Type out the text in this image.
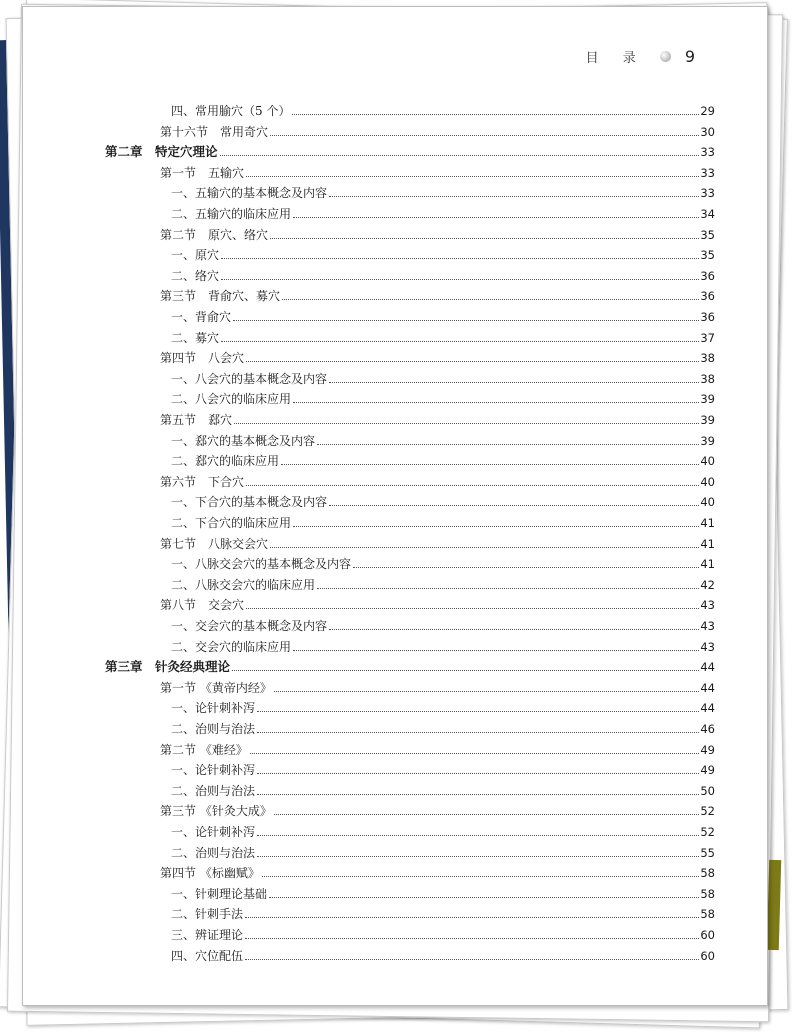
目 录 9
四、常用腧穴（5 个）	29
第十六节　常用奇穴	30
第二章　特定穴理论	33
第一节　五输穴	33
一、五输穴的基本概念及内容	33
二、五输穴的临床应用	34
第二节　原穴、络穴	35
一、原穴	35
二、络穴	36
第三节　背俞穴、募穴	36
一、背俞穴	36
二、募穴	37
第四节　八会穴	38
一、八会穴的基本概念及内容	38
二、八会穴的临床应用	39
第五节　郄穴	39
一、郄穴的基本概念及内容	39
二、郄穴的临床应用	40
第六节　下合穴	40
一、下合穴的基本概念及内容	40
二、下合穴的临床应用	41
第七节　八脉交会穴	41
一、八脉交会穴的基本概念及内容	41
二、八脉交会穴的临床应用	42
第八节　交会穴	43
一、交会穴的基本概念及内容	43
二、交会穴的临床应用	43
第三章　针灸经典理论	44
第一节 《黄帝内经》	44
一、论针刺补泻	44
二、治则与治法	46
第二节 《难经》	49
一、论针刺补泻	49
二、治则与治法	50
第三节 《针灸大成》	52
一、论针刺补泻	52
二、治则与治法	55
第四节 《标幽赋》	58
一、针刺理论基础	58
二、针刺手法	58
三、辨证理论	60
四、穴位配伍	60
